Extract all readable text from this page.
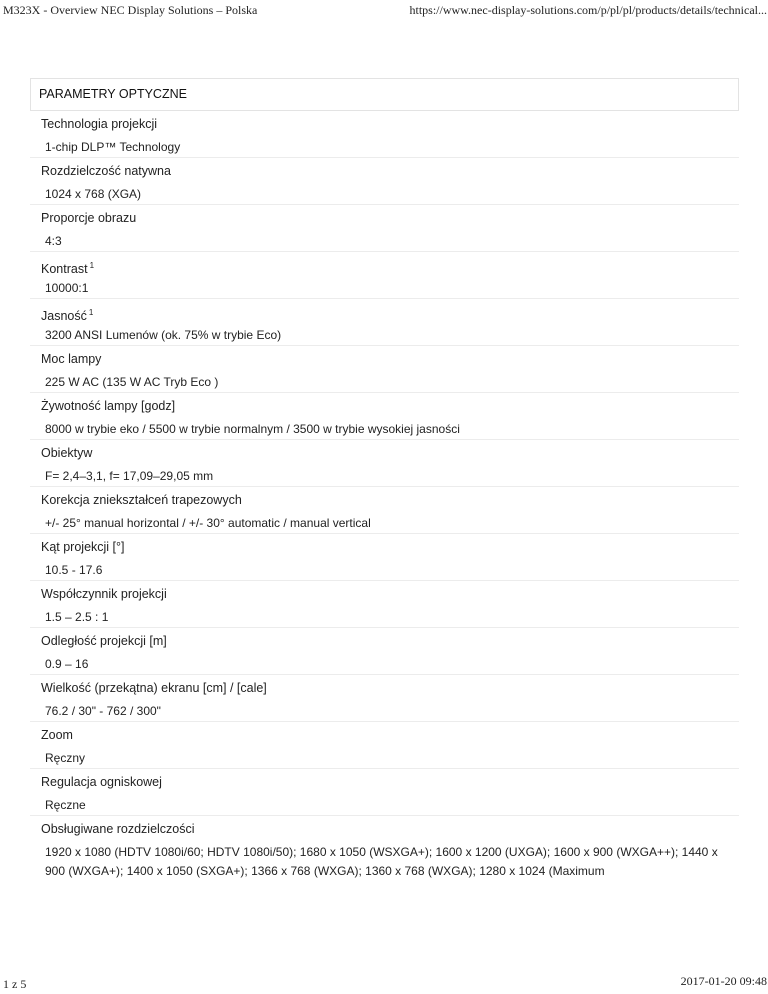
M323X - Overview NEC Display Solutions – Polska	https://www.nec-display-solutions.com/p/pl/pl/products/details/technical...
PARAMETRY OPTYCZNE
Technologia projekcji
1-chip DLP™ Technology
Rozdzielczość natywna
1024 x 768 (XGA)
Proporcje obrazu
4:3
Kontrast $^1$
10000:1
Jasność $^1$
3200 ANSI Lumenów (ok. 75% w trybie Eco)
Moc lampy
225 W AC (135 W AC Tryb Eco )
Żywotność lampy [godz]
8000 w trybie eko / 5500 w trybie normalnym / 3500 w trybie wysokiej jasności
Obiektyw
F= 2,4–3,1, f= 17,09–29,05 mm
Korekcja zniekształceń trapezowych
+/- 25° manual horizontal / +/- 30° automatic / manual vertical
Kąt projekcji [°]
10.5 - 17.6
Współczynnik projekcji
1.5 – 2.5 : 1
Odległość projekcji [m]
0.9 – 16
Wielkość (przekątna) ekranu [cm] / [cale]
76.2 / 30" - 762 / 300"
Zoom
Ręczny
Regulacja ogniskowej
Ręczne
Obsługiwane rozdzielczości
1920 x 1080 (HDTV 1080i/60; HDTV 1080i/50); 1680 x 1050 (WSXGA+); 1600 x 1200 (UXGA); 1600 x 900 (WXGA++); 1440 x 900 (WXGA+); 1400 x 1050 (SXGA+); 1366 x 768 (WXGA); 1360 x 768 (WXGA); 1280 x 1024 (Maximum
1 z 5	2017-01-20 09:48
